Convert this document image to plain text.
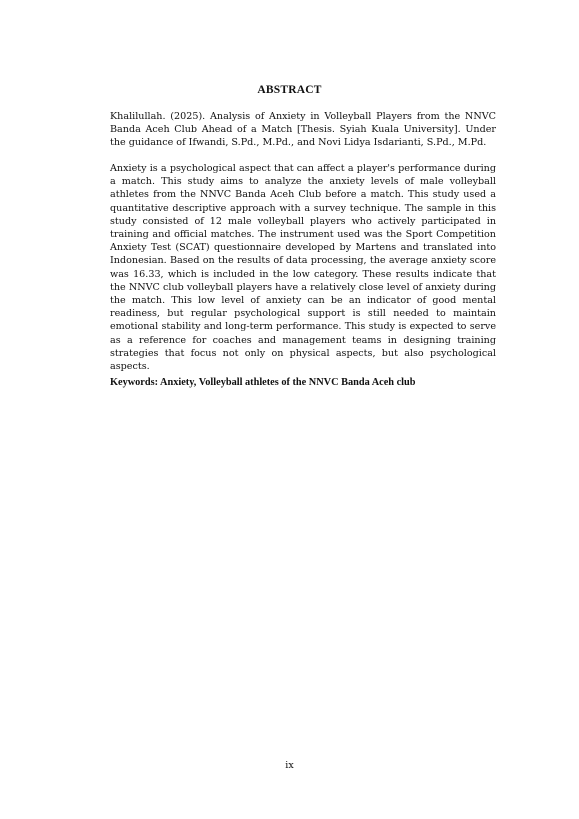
ABSTRACT

Khalilullah. (2025). Analysis of Anxiety in Volleyball Players from the NNVC Banda Aceh Club Ahead of a Match [Thesis. Syiah Kuala University]. Under the guidance of Ifwandi, S.Pd., M.Pd., and Novi Lidya Isdarianti, S.Pd., M.Pd.

Anxiety is a psychological aspect that can affect a player's performance during a match. This study aims to analyze the anxiety levels of male volleyball athletes from the NNVC Banda Aceh Club before a match. This study used a quantitative descriptive approach with a survey technique. The sample in this study consisted of 12 male volleyball players who actively participated in training and official matches. The instrument used was the Sport Competition Anxiety Test (SCAT) questionnaire developed by Martens and translated into Indonesian. Based on the results of data processing, the average anxiety score was 16.33, which is included in the low category. These results indicate that the NNVC club volleyball players have a relatively close level of anxiety during the match. This low level of anxiety can be an indicator of good mental readiness, but regular psychological support is still needed to maintain emotional stability and long-term performance. This study is expected to serve as a reference for coaches and management teams in designing training strategies that focus not only on physical aspects, but also psychological aspects.

Keywords: Anxiety, Volleyball athletes of the NNVC Banda Aceh club
ix
